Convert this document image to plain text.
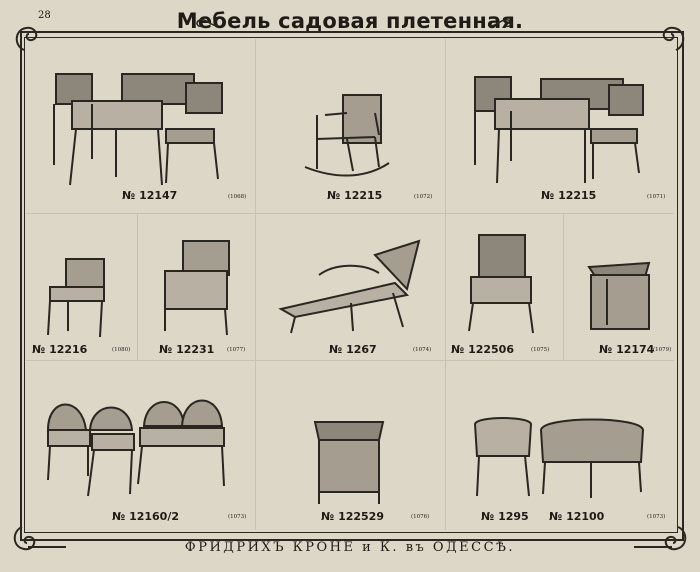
28	Мебель садовая плетенная.
№ 12147	(1068)	№ 12215	(1072)	№ 12215	(1071)
№ 12216	(1080)	№ 12231 (1077)	№ 1267	(1074) № 122506	(1075)	№ 12174
(1079)
№ 12160/2	(1073)	№ 122529	(1076)	№ 1295 № 12100	(1073)
ФРИДРИХЪ КРОНЕ и К. въ ОДЕССѢ.
